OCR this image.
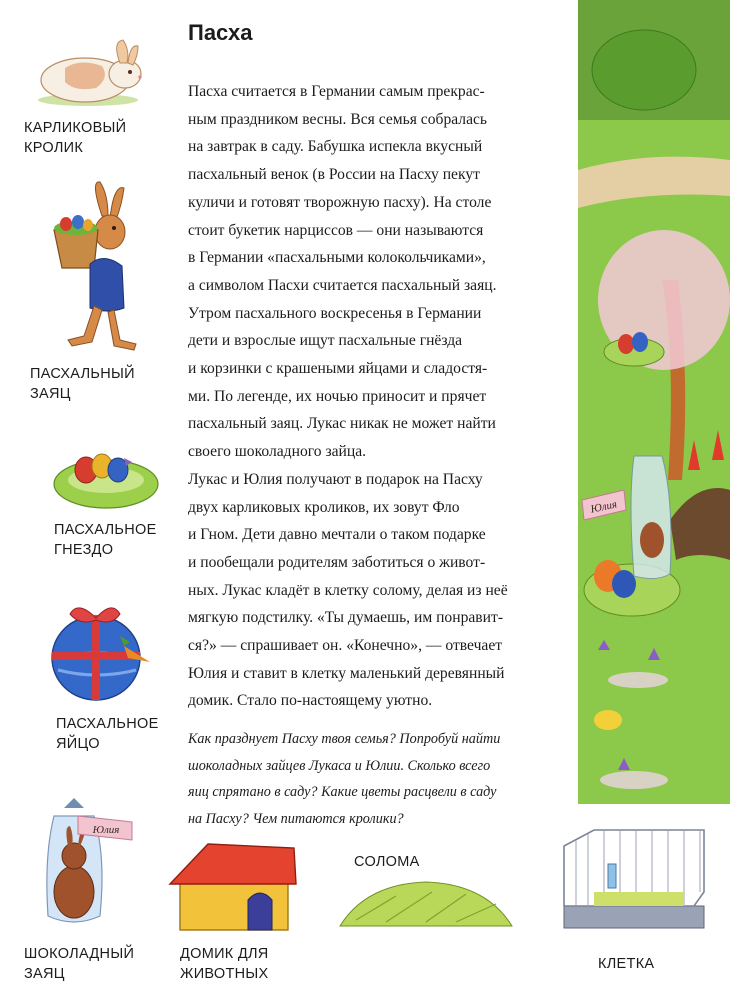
Пасха

Пасха считается в Германии самым прекрас-
ным праздником весны. Вся семья собралась
на завтрак в саду. Бабушка испекла вкусный
пасхальный венок (в России на Пасху пекут
куличи и готовят творожную пасху). На столе
стоит букетик нарциссов — они называются
в Германии «пасхальными колокольчиками»,
а символом Пасхи считается пасхальный заяц.
Утром пасхального воскресенья в Германии
дети и взрослые ищут пасхальные гнёзда
и корзинки с крашеными яйцами и сладостя-
ми. По легенде, их ночью приносит и прячет
пасхальный заяц. Лукас никак не может найти
своего шоколадного зайца.
Лукас и Юлия получают в подарок на Пасху
двух карликовых кроликов, их зовут Фло
и Гном. Дети давно мечтали о таком подарке
и пообещали родителям заботиться о живот-
ных. Лукас кладёт в клетку солому, делая из неё
мягкую подстилку. «Ты думаешь, им понравит-
ся?» — спрашивает он. «Конечно», — отвечает
Юлия и ставит в клетку маленький деревянный
домик. Стало по-настоящему уютно.

Как празднует Пасху твоя семья? Попробуй найти
шоколадных зайцев Лукаса и Юлии. Сколько всего
яиц спрятано в саду? Какие цветы расцвели в саду
на Пасху? Чем питаются кролики?
КАРЛИКОВЫЙ
КРОЛИК
ПАСХАЛЬНЫЙ
ЗАЯЦ
ПАСХАЛЬНОЕ
ГНЕЗДО
ПАСХАЛЬНОЕ
ЯЙЦО
Юлия
ШОКОЛАДНЫЙ
ЗАЯЦ
ДОМИК ДЛЯ
ЖИВОТНЫХ
СОЛОМА
КЛЕТКА
Юлия
